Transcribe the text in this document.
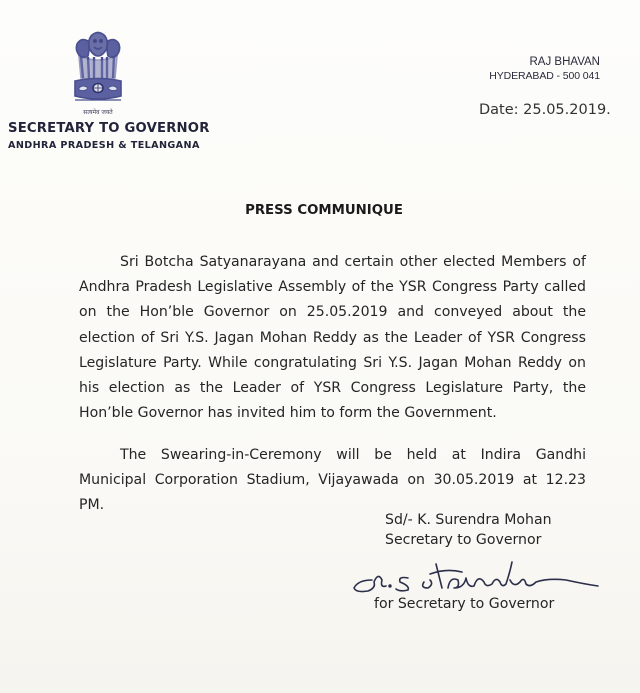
सत्यमेव जयते
SECRETARY TO GOVERNOR
ANDHRA PRADESH & TELANGANA
RAJ BHAVAN
HYDERABAD - 500 041
Date: 25.05.2019.
PRESS COMMUNIQUE

Sri Botcha Satyanarayana and certain other elected Members of Andhra Pradesh Legislative Assembly of the YSR Congress Party called on the Hon’ble Governor on 25.05.2019 and conveyed about the election of Sri Y.S. Jagan Mohan Reddy as the Leader of YSR Congress Legislature Party. While congratulating Sri Y.S. Jagan Mohan Reddy on his election as the Leader of YSR Congress Legislature Party, the Hon’ble Governor has invited him to form the Government.

The Swearing-in-Ceremony will be held at Indira Gandhi Municipal Corporation Stadium, Vijayawada on 30.05.2019 at 12.23 PM.

Sd/- K. Surendra Mohan
Secretary to Governor
for Secretary to Governor
